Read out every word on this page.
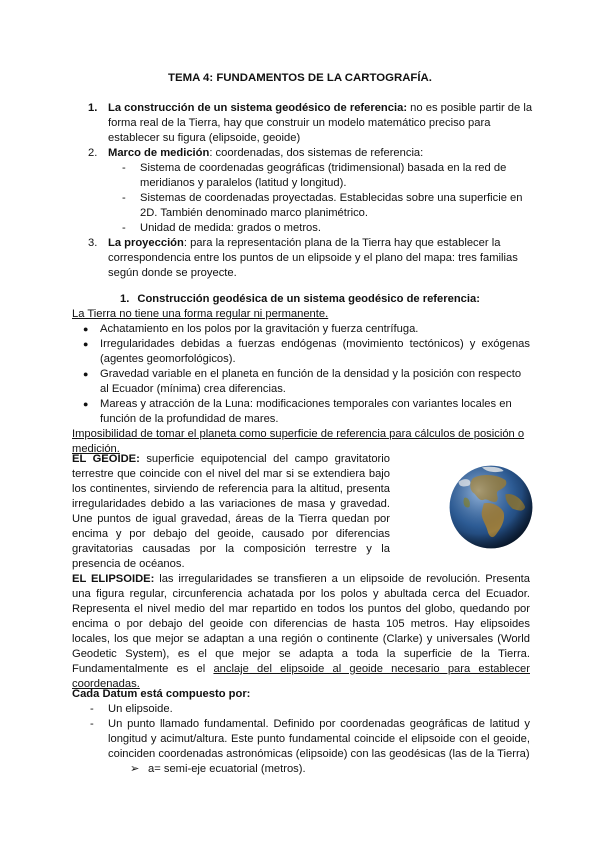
TEMA 4: FUNDAMENTOS DE LA CARTOGRAFÍA.
1. La construcción de un sistema geodésico de referencia: no es posible partir de la forma real de la Tierra, hay que construir un modelo matemático preciso para establecer su figura (elipsoide, geoide)
2. Marco de medición: coordenadas, dos sistemas de referencia:
- Sistema de coordenadas geográficas (tridimensional) basada en la red de meridianos y paralelos (latitud y longitud).
- Sistemas de coordenadas proyectadas. Establecidas sobre una superficie en 2D. También denominado marco planimétrico.
- Unidad de medida: grados o metros.
3. La proyección: para la representación plana de la Tierra hay que establecer la correspondencia entre los puntos de un elipsoide y el plano del mapa: tres familias según donde se proyecte.
1. Construcción geodésica de un sistema geodésico de referencia:
La Tierra no tiene una forma regular ni permanente.
● Achatamiento en los polos por la gravitación y fuerza centrífuga.
● Irregularidades debidas a fuerzas endógenas (movimiento tectónicos) y exógenas (agentes geomorfológicos).
● Gravedad variable en el planeta en función de la densidad y la posición con respecto al Ecuador (mínima) crea diferencias.
● Mareas y atracción de la Luna: modificaciones temporales con variantes locales en función de la profundidad de mares.
Imposibilidad de tomar el planeta como superficie de referencia para cálculos de posición o medición.
EL GEOIDE: superficie equipotencial del campo gravitatorio terrestre que coincide con el nivel del mar si se extendiera bajo los continentes, sirviendo de referencia para la altitud, presenta irregularidades debido a las variaciones de masa y gravedad. Une puntos de igual gravedad, áreas de la Tierra quedan por encima y por debajo del geoide, causado por diferencias gravitatorias causadas por la composición terrestre y la presencia de océanos.
EL ELIPSOIDE: las irregularidades se transfieren a un elipsoide de revolución. Presenta una figura regular, circunferencia achatada por los polos y abultada cerca del Ecuador. Representa el nivel medio del mar repartido en todos los puntos del globo, quedando por encima o por debajo del geoide con diferencias de hasta 105 metros. Hay elipsoides locales, los que mejor se adaptan a una región o continente (Clarke) y universales (World Geodetic System), es el que mejor se adapta a toda la superficie de la Tierra. Fundamentalmente es el anclaje del elipsoide al geoide necesario para establecer coordenadas.
Cada Datum está compuesto por:
- Un elipsoide.
- Un punto llamado fundamental. Definido por coordenadas geográficas de latitud y longitud y acimut/altura. Este punto fundamental coincide el elipsoide con el geoide, coinciden coordenadas astronómicas (elipsoide) con las geodésicas (las de la Tierra)
➢ a= semi-eje ecuatorial (metros).
